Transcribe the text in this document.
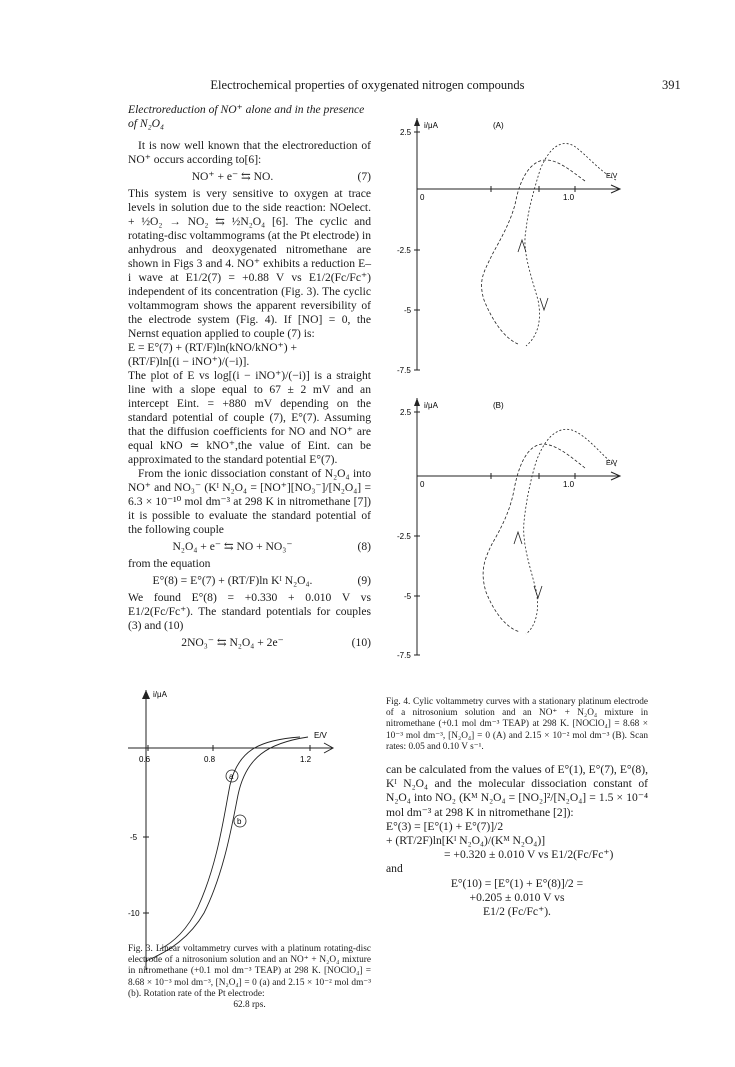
Electrochemical properties of oxygenated nitrogen compounds	391

Electroreduction of NO⁺ alone and in the presence of N₂O₄

It is now well known that the electroreduction of NO⁺ occurs according to[6]:

NO⁺ + e⁻ ⇆ NO.	(7)

This system is very sensitive to oxygen at trace levels in solution due to the side reaction: NOelect. + ½O₂ → NO₂ ⇆ ½N₂O₄ [6]. The cyclic and rotating-disc voltammograms (at the Pt electrode) in anhydrous and deoxygenated nitromethane are shown in Figs 3 and 4. NO⁺ exhibits a reduction E–i wave at E1/2(7) = +0.88 V vs E1/2(Fc/Fc⁺) independent of its concentration (Fig. 3). The cyclic voltammogram shows the apparent reversibility of the electrode system (Fig. 4). If [NO] = 0, the Nernst equation applied to couple (7) is:

E = E°(7) + (RT/F)ln(kNO/kNO⁺) +

(RT/F)ln[(i − iNO⁺)/(−i)].

The plot of E vs log[(i − iNO⁺)/(−i)] is a straight line with a slope equal to 67 ± 2 mV and an intercept Eint. = +880 mV depending on the standard potential of couple (7), E°(7). Assuming that the diffusion coefficients for NO and NO⁺ are equal kNO ≃ kNO⁺,the value of Eint. can be approximated to the standard potential E°(7).

From the ionic dissociation constant of N₂O₄ into NO⁺ and NO₃⁻ (Kᴵ N₂O₄ = [NO⁺][NO₃⁻]/[N₂O₄] = 6.3 × 10⁻¹⁰ mol dm⁻³ at 298 K in nitromethane [7]) it is possible to evaluate the standard potential of the following couple

N₂O₄ + e⁻ ⇆ NO + NO₃⁻	(8)

from the equation

E°(8) = E°(7) + (RT/F)ln Kᴵ N₂O₄.	(9)

We found E°(8) = +0.330 + 0.010 V vs E1/2(Fc/Fc⁺). The standard potentials for couples (3) and (10)

2NO₃⁻ ⇆ N₂O₄ + 2e⁻	(10)
i/μA
E/V
0.6	0.8	1.2
-5
-10
a
b
Fig. 3. Linear voltammetry curves with a platinum rotating-disc electrode of a nitrosonium solution and an NO⁺ + N₂O₄ mixture in nitromethane (+0.1 mol dm⁻³ TEAP) at 298 K. [NOClO₄] = 8.68 × 10⁻³ mol dm⁻³, [N₂O₄] = 0 (a) and 2.15 × 10⁻² mol dm⁻³ (b). Rotation rate of the Pt electrode:
62.8 rps.
i/μA	(A)
E/V
0	1.0
2.5
-2.5
-5
-7.5
i/μA	(B)
E/V
0	1.0
2.5
-2.5
-5
-7.5
Fig. 4. Cylic voltammetry curves with a stationary platinum electrode of a nitrosonium solution and an NO⁺ + N₂O₄ mixture in nitromethane (+0.1 mol dm⁻³ TEAP) at 298 K. [NOClO₄] = 8.68 × 10⁻³ mol dm⁻³, [N₂O₄] = 0 (A) and 2.15 × 10⁻² mol dm⁻³ (B). Scan rates: 0.05 and 0.10 V s⁻¹.

can be calculated from the values of E°(1), E°(7), E°(8), Kᴵ N₂O₄ and the molecular dissociation constant of N₂O₄ into NO₂ (Kᴹ N₂O₄ = [NO₂]²/[N₂O₄] = 1.5 × 10⁻⁴ mol dm⁻³ at 298 K in nitromethane [2]):

E°(3) = [E°(1) + E°(7)]/2

+ (RT/2F)ln[Kᴵ N₂O₄)/(Kᴹ N₂O₄)]

= +0.320 ± 0.010 V vs E1/2(Fc/Fc⁺)

and

E°(10) = [E°(1) + E°(8)]/2 =

+0.205 ± 0.010 V vs

E1/2 (Fc/Fc⁺).
